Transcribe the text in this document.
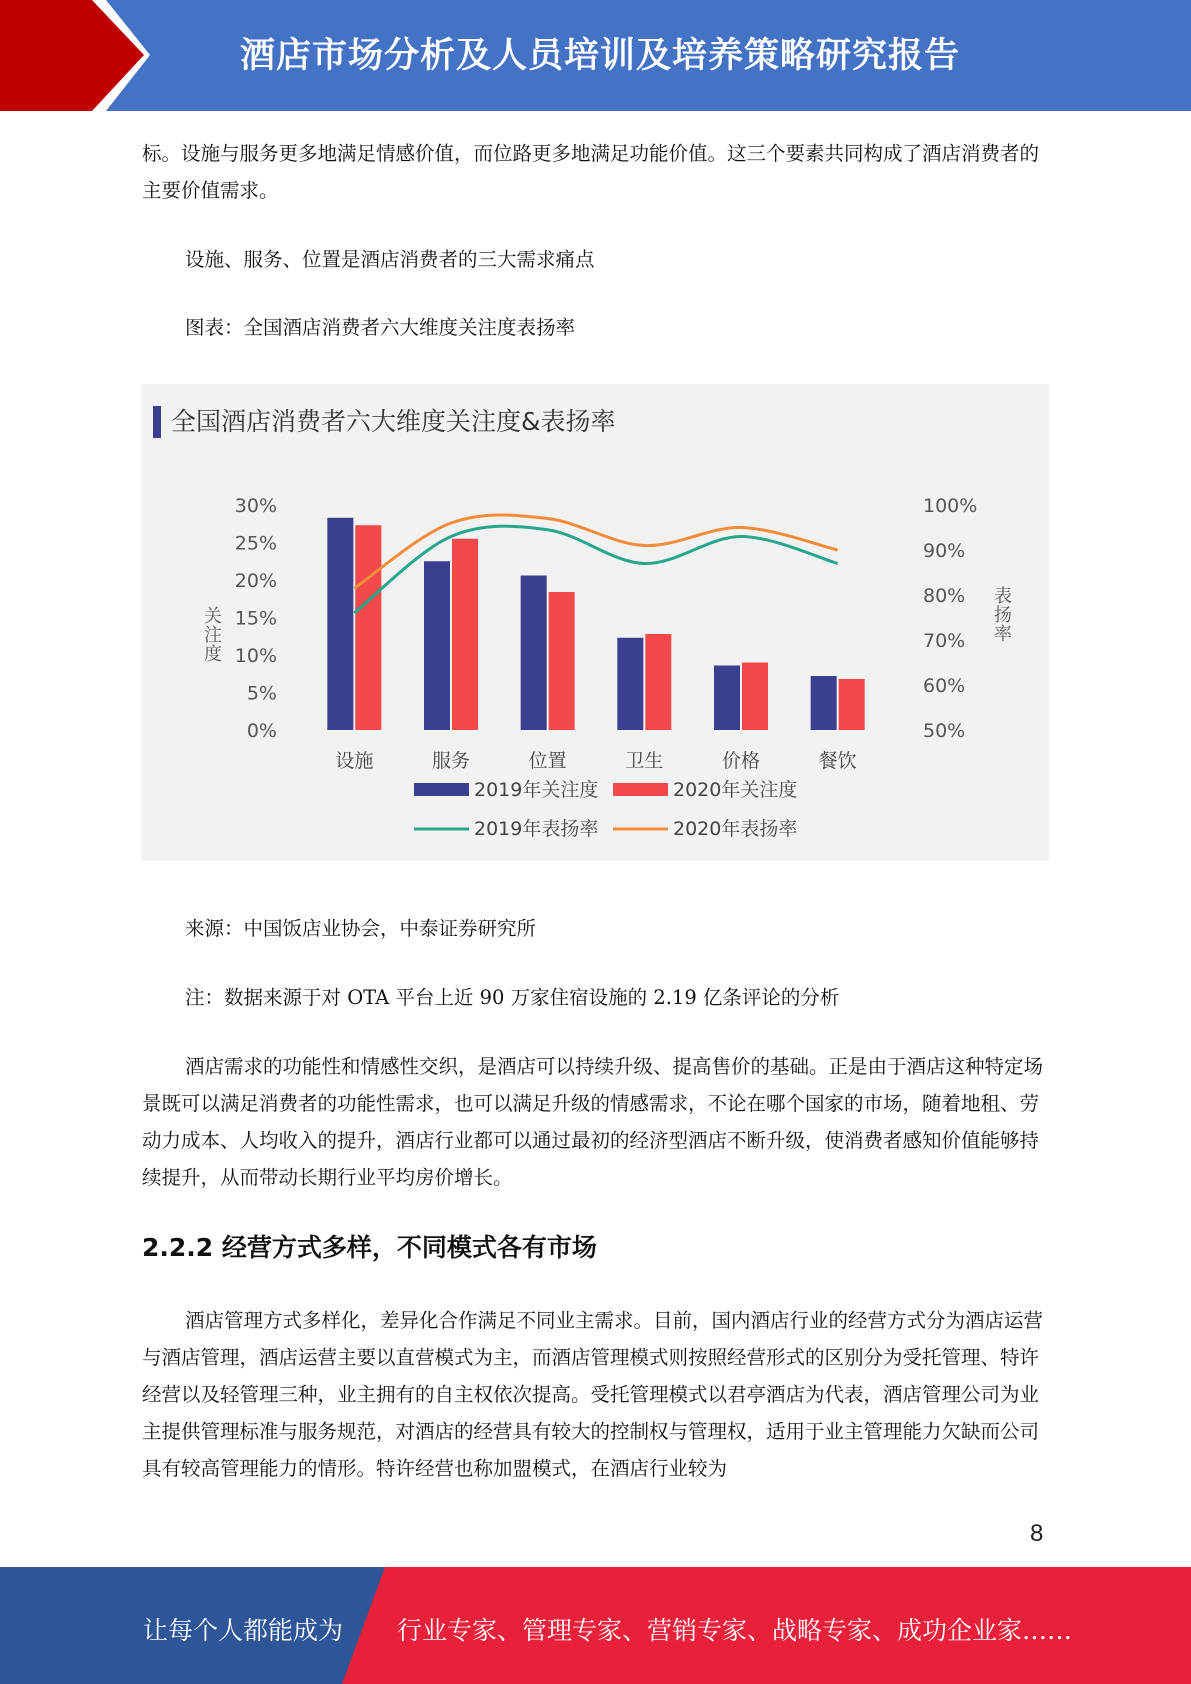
酒店市场分析及人员培训及培养策略研究报告

标。设施与服务更多地满足情感价值，而位路更多地满足功能价值。这三个要素共同构成了酒店消费者的主要价值需求。

设施、服务、位置是酒店消费者的三大需求痛点

图表：全国酒店消费者六大维度关注度表扬率

全国酒店消费者六大维度关注度&表扬率
0%
5%
10%
15%
20%
25%
30%
50%
60%
70%
80%
90%
100%
关
注
度
表
扬
率
设施	服务	位置	卫生	价格	餐饮
2019年关注度	2020年关注度
2019年表扬率	2020年表扬率

来源：中国饭店业协会，中泰证券研究所

注：数据来源于对 OTA 平台上近 90 万家住宿设施的 2.19 亿条评论的分析

酒店需求的功能性和情感性交织，是酒店可以持续升级、提高售价的基础。正是由于酒店这种特定场景既可以满足消费者的功能性需求，也可以满足升级的情感需求，不论在哪个国家的市场，随着地租、劳动力成本、人均收入的提升，酒店行业都可以通过最初的经济型酒店不断升级，使消费者感知价值能够持续提升，从而带动长期行业平均房价增长。

2.2.2 经营方式多样，不同模式各有市场

酒店管理方式多样化，差异化合作满足不同业主需求。目前，国内酒店行业的经营方式分为酒店运营与酒店管理，酒店运营主要以直营模式为主，而酒店管理模式则按照经营形式的区别分为受托管理、特许经营以及轻管理三种，业主拥有的自主权依次提高。受托管理模式以君亭酒店为代表，酒店管理公司为业主提供管理标准与服务规范，对酒店的经营具有较大的控制权与管理权，适用于业主管理能力欠缺而公司具有较高管理能力的情形。特许经营也称加盟模式，在酒店行业较为

8
让每个人都能成为 行业专家、管理专家、营销专家、战略专家、成功企业家……
